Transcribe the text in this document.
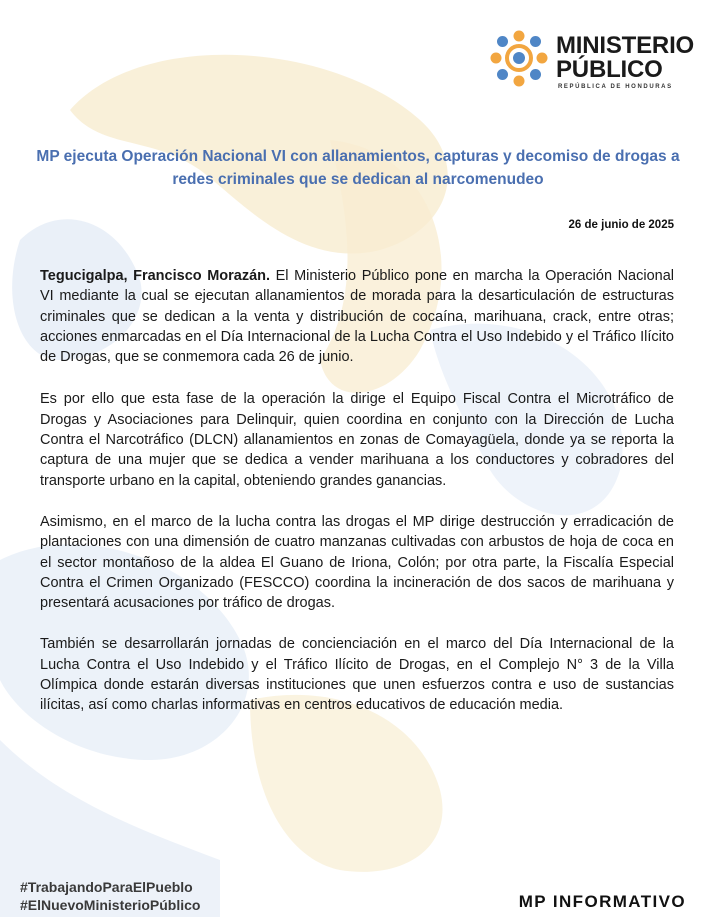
MINISTERIO
PÚBLICO
REPÚBLICA DE HONDURAS
MP ejecuta Operación Nacional VI con allanamientos, capturas y decomiso de drogas a redes criminales que se dedican al narcomenudeo
26 de junio de 2025

Tegucigalpa, Francisco Morazán. El Ministerio Público pone en marcha la Operación Nacional VI mediante la cual se ejecutan allanamientos de morada para la desarticulación de estructuras criminales que se dedican a la venta y distribución de cocaína, marihuana, crack, entre otras; acciones enmarcadas en el Día Internacional de la Lucha Contra el Uso Indebido y el Tráfico Ilícito de Drogas, que se conmemora cada 26 de junio.

Es por ello que esta fase de la operación la dirige el Equipo Fiscal Contra el Microtráfico de Drogas y Asociaciones para Delinquir, quien coordina en conjunto con la Dirección de Lucha Contra el Narcotráfico (DLCN) allanamientos en zonas de Comayagüela, donde ya se reporta la captura de una mujer que se dedica a vender marihuana a los conductores y cobradores del transporte urbano en la capital, obteniendo grandes ganancias.

Asimismo, en el marco de la lucha contra las drogas el MP dirige destrucción y erradicación de plantaciones con una dimensión de cuatro manzanas cultivadas con arbustos de hoja de coca en el sector montañoso de la aldea El Guano de Iriona, Colón; por otra parte, la Fiscalía Especial Contra el Crimen Organizado (FESCCO) coordina la incineración de dos sacos de marihuana y presentará acusaciones por tráfico de drogas.

También se desarrollarán jornadas de concienciación en el marco del Día Internacional de la Lucha Contra el Uso Indebido y el Tráfico Ilícito de Drogas, en el Complejo N° 3 de la Villa Olímpica donde estarán diversas instituciones que unen esfuerzos contra e uso de sustancias ilícitas, así como charlas informativas en centros educativos de educación media.

#TrabajandoParaElPueblo
#ElNuevoMinisterioPúblico	MP INFORMATIVO
